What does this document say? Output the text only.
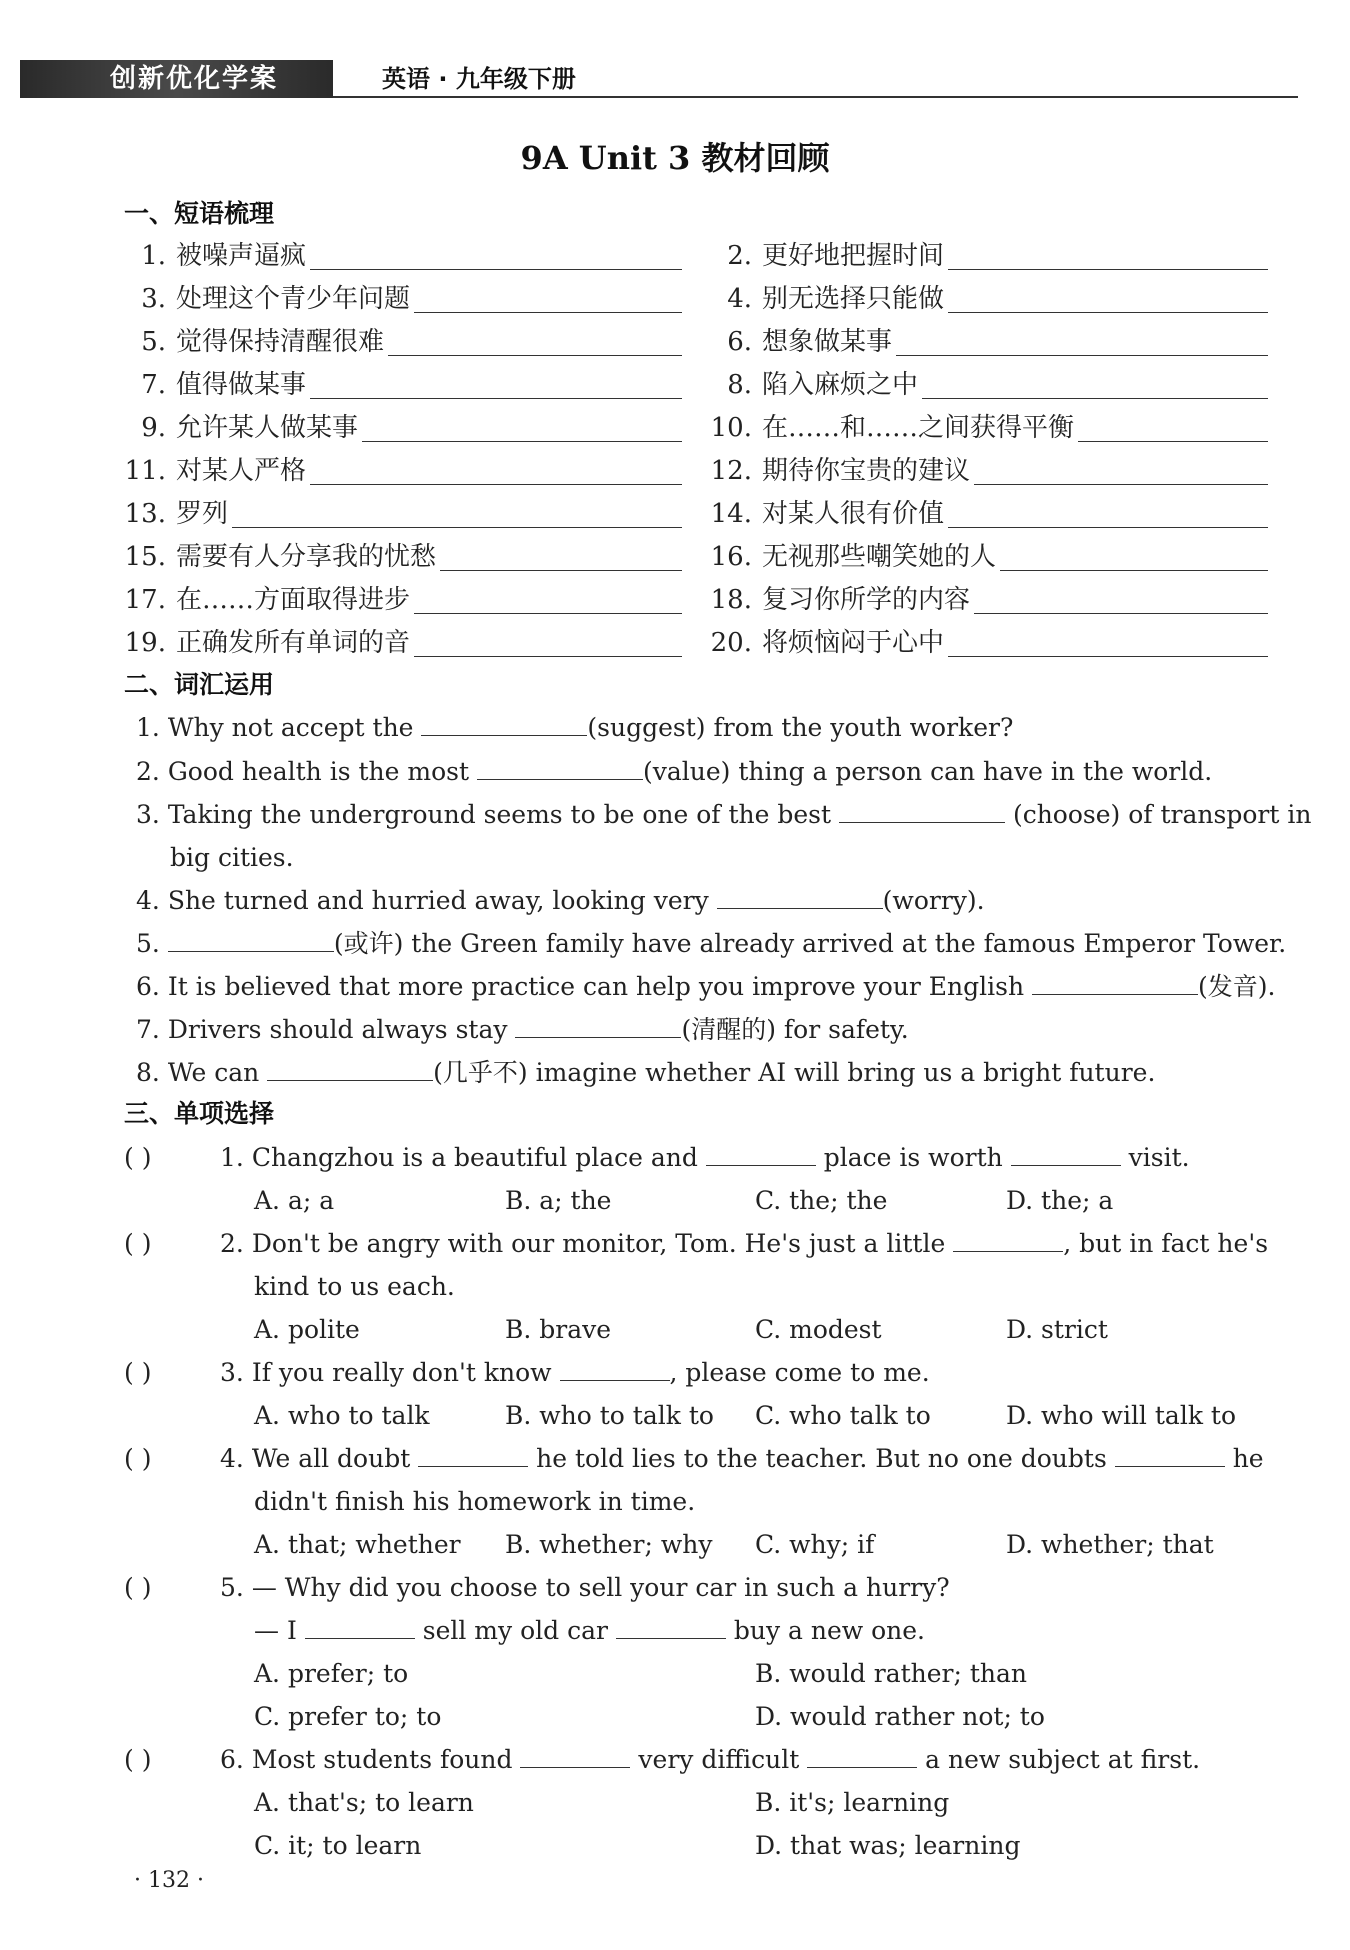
创新优化学案	英语 · 九年级下册
9A Unit 3 教材回顾
一、短语梳理
1. 被噪声逼疯	2. 更好地把握时间
3. 处理这个青少年问题	4. 别无选择只能做
5. 觉得保持清醒很难	6. 想象做某事
7. 值得做某事	8. 陷入麻烦之中
9. 允许某人做某事	10. 在……和……之间获得平衡
11. 对某人严格	12. 期待你宝贵的建议
13. 罗列	14. 对某人很有价值
15. 需要有人分享我的忧愁	16. 无视那些嘲笑她的人
17. 在……方面取得进步	18. 复习你所学的内容
19. 正确发所有单词的音	20. 将烦恼闷于心中
二、词汇运用
1. Why not accept the	(suggest) from the youth worker?
2. Good health is the most	(value) thing a person can have in the world.
3. Taking the underground seems to be one of the best	(choose) of transport in
big cities.
4. She turned and hurried away, looking very	(worry).
5.	(或许) the Green family have already arrived at the famous Emperor Tower.
6. It is believed that more practice can help you improve your English	(发音).
7. Drivers should always stay	(清醒的) for safety.
8. We can	(几乎不) imagine whether AI will bring us a bright future.
三、单项选择
( )	1. Changzhou is a beautiful place and	place is worth	visit.
A. a; a	B. a; the	C. the; the	D. the; a
( )	2. Don't be angry with our monitor, Tom. He's just a little	, but in fact he's
kind to us each.
A. polite	B. brave	C. modest	D. strict
( )	3. If you really don't know	, please come to me.
A. who to talk	B. who to talk to C. who talk to	D. who will talk to
( )	4. We all doubt	he told lies to the teacher. But no one doubts	he
didn't finish his homework in time.
A. that; whether B. whether; why C. why; if	D. whether; that
( )	5. — Why did you choose to sell your car in such a hurry?
— I	sell my old car	buy a new one.
A. prefer; to	B. would rather; than
C. prefer to; to	D. would rather not; to
( )	6. Most students found	very difficult	a new subject at first.
A. that's; to learn	B. it's; learning
C. it; to learn	D. that was; learning
· 132 ·
